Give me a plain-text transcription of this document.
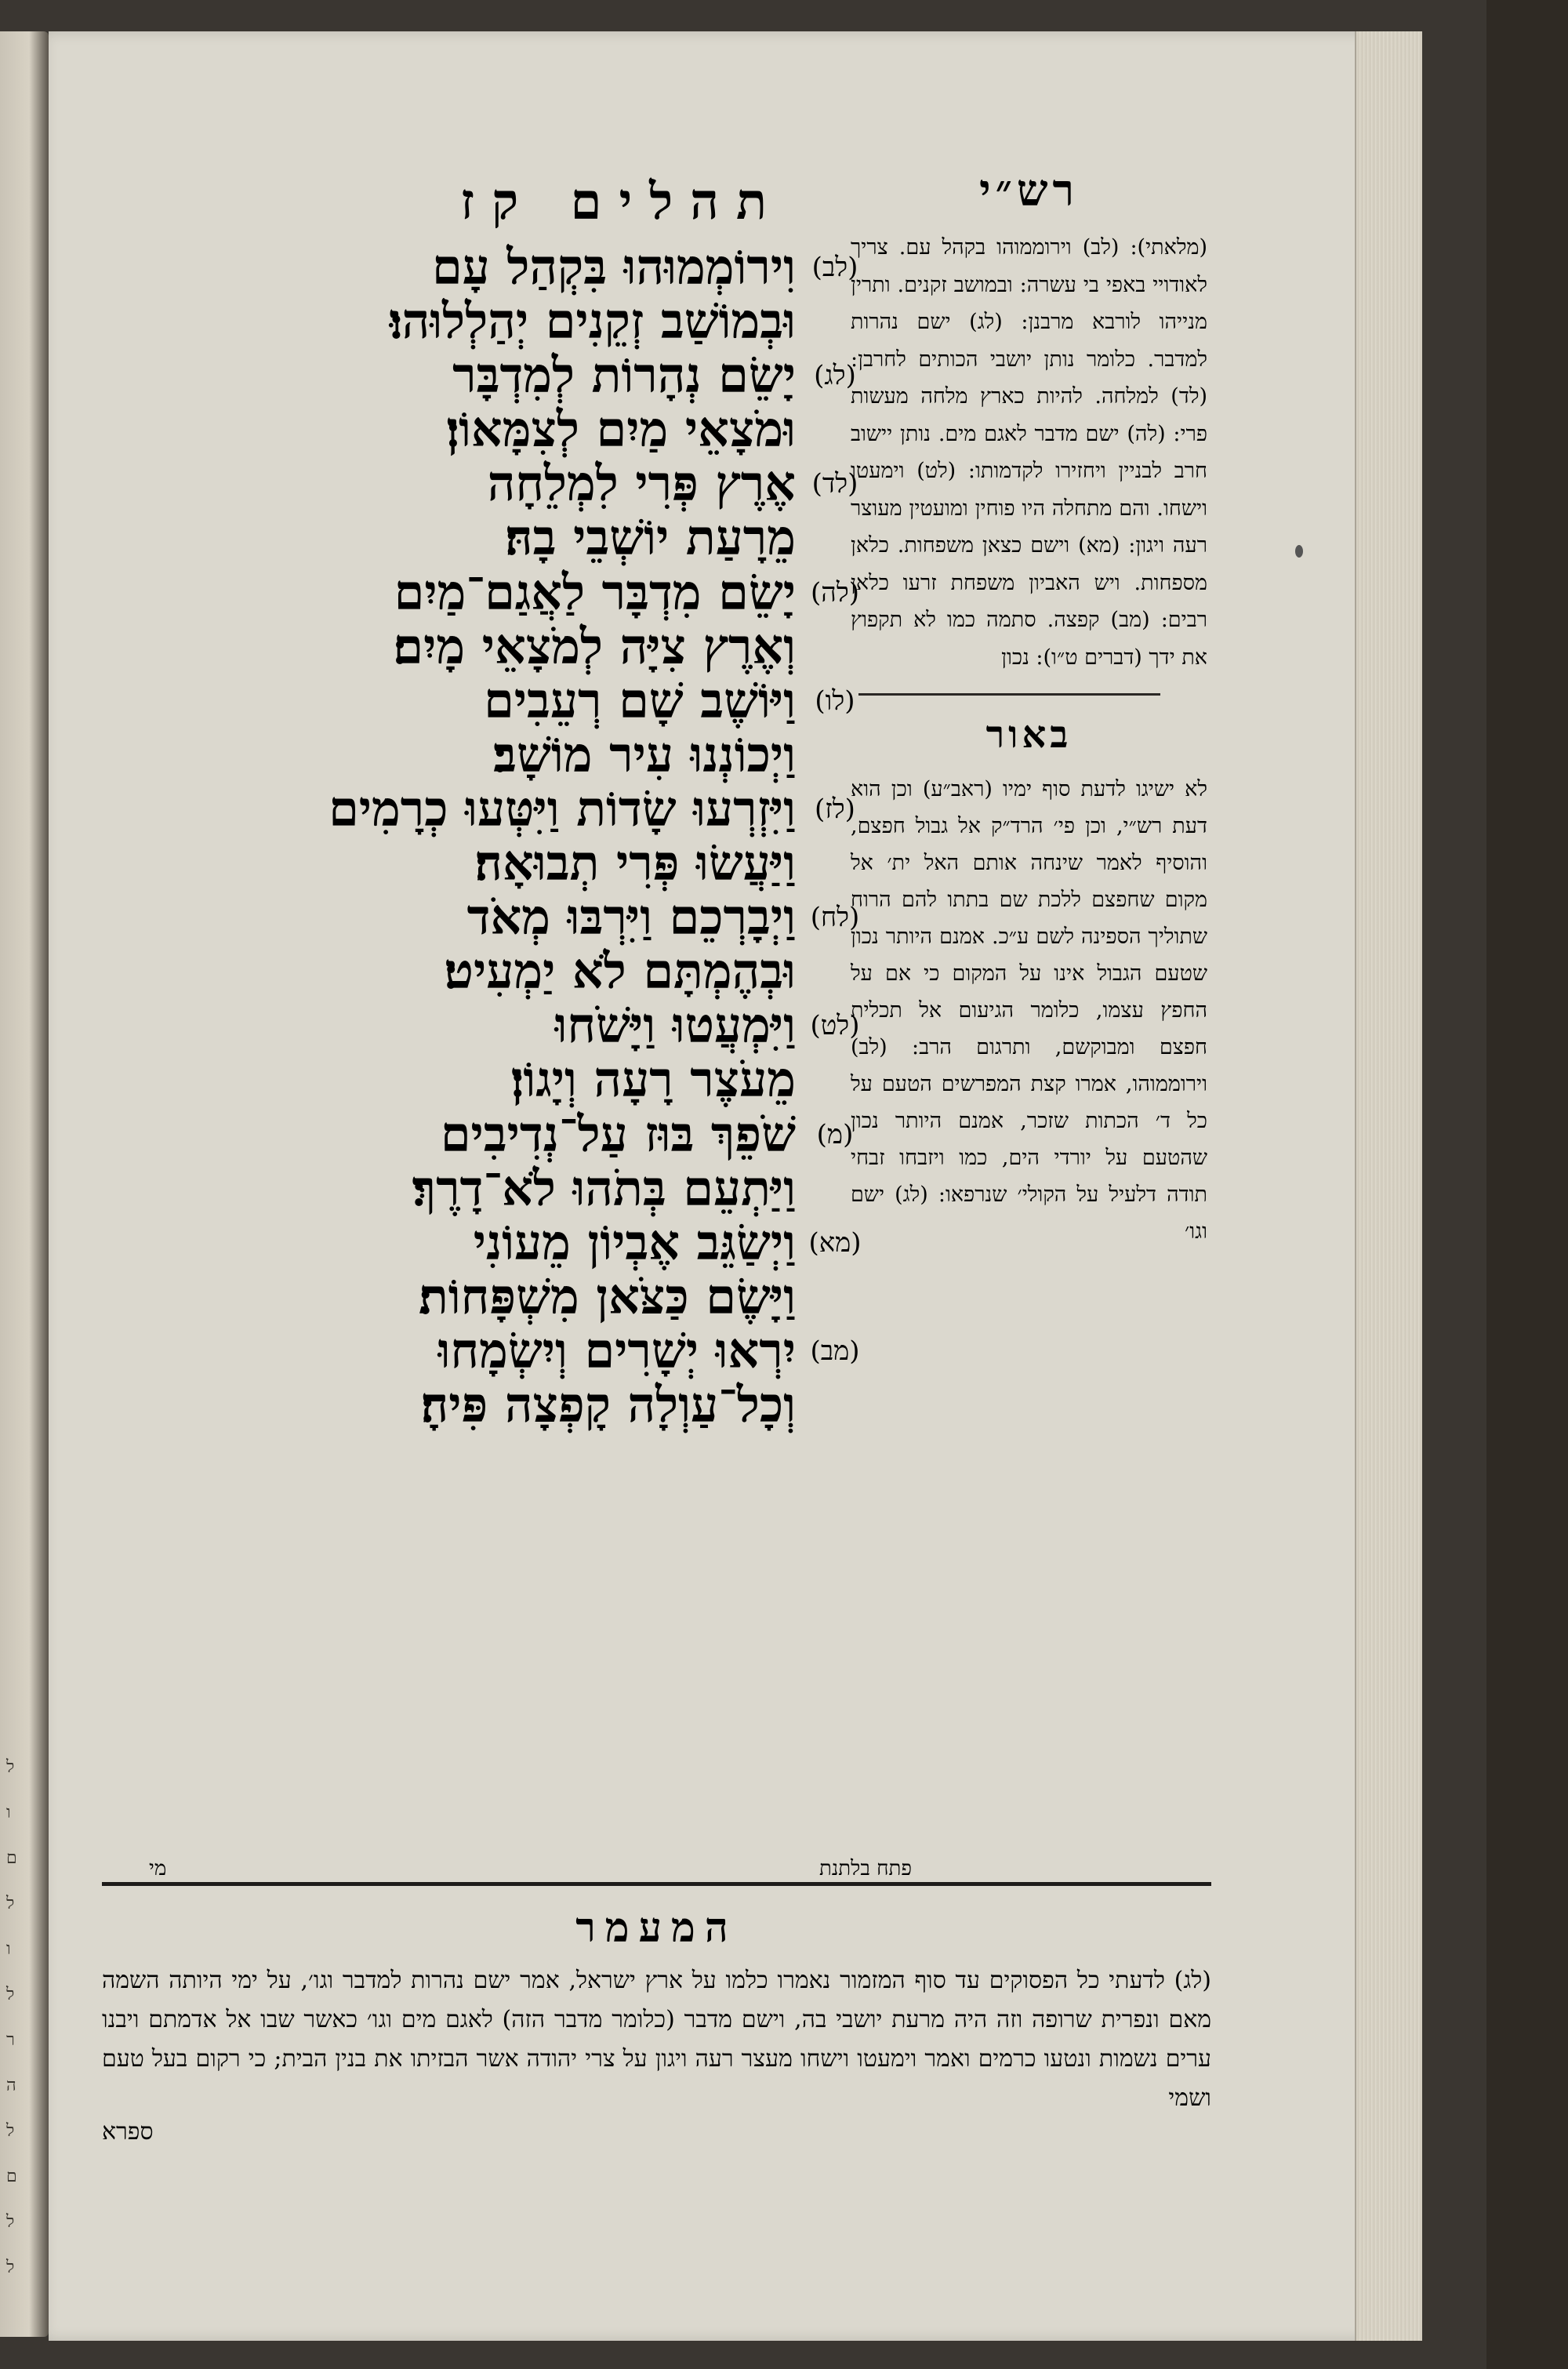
ל
ו
ם
ל
ו
ל
ר
ה
ל
ם
ל
ל
רש״י

(מלאתי): (לב) וירוממוהו בקהל עם. צריך לאודויי באפי בי עשרה: ובמושב זקנים. ותרין מנייהו לורבא מרבנן: (לג) ישם נהרות למדבר. כלומר נותן יושבי הכותים לחרבן: (לד) למלחה. להיות כארץ מלחה מעשות פרי: (לה) ישם מדבר לאגם מים. נותן יישוב חרב לבניין ויחזירו לקדמותו: (לט) וימעטו וישחו. והם מתחלה היו פוחין ומועטין מעוצר רעה ויגון: (מא) וישם כצאן משפחות. כלאן מספחות. ויש האביון משפחת זרעו כלאן רבים: (מב) קפצה. סתמה כמו לא תקפוץ את ידך (דברים ט״ו): נכון

באור

לא ישיגו לדעת סוף ימיו (ראב״ע) וכן הוא דעת רש״י, וכן פי׳ הרד״ק אל גבול חפצם, והוסיף לאמר שינחה אותם האל ית׳ אל מקום שחפצם ללכת שם בתתו להם הרוח שתוליך הספינה לשם ע״כ. אמנם היותר נכון שטעם הגבול אינו על המקום כי אם על החפץ עצמו, כלומר הגיעום אל תכלית חפצם ומבוקשם, ותרגום הרב: (לב) וירוממוהו, אמרו קצת המפרשים הטעם על כל ד׳ הכתות שזכר, אמנם היותר נכון שהטעם על יורדי הים, כמו ויזבחו זבחי תודה דלעיל על הקולי׳ שנרפאו: (לג) ישם וגו׳

תהלים קז
(לב)
וִירוֹמְמוּהוּ בִּקְהַל עָם
וּבְמוֹשַׁב זְקֵנִים יְהַלְלוּהוּ׃
(לג)
יָשֵׂם נְהָרוֹת לְמִדְבָּר
וּמֹצָאֵי מַיִם לְצִמָּאוֹן׃
(לד)
אֶרֶץ פְּרִי לִמְלֵחָה
מֵרָעַת יוֹשְׁבֵי בָהּ׃
(לה)
יָשֵׂם מִדְבָּר לַאֲגַם־מַיִם
וְאֶרֶץ צִיָּה לְמֹצָאֵי מָיִם׃
(לו)
וַיּוֹשֶׁב שָׁם רְעֵבִים
וַיְכוֹנְנוּ עִיר מוֹשָׁב׃
(לז)
וַיִּזְרְעוּ שָׂדוֹת וַיִּטְּעוּ כְרָמִים
וַיַּעֲשׂוּ פְּרִי תְבוּאָה׃
(לח)
וַיְבָרְכֵם וַיִּרְבּוּ מְאֹד
וּבְהֶמְתָּם לֹא יַמְעִיט׃
(לט)
וַיִּמְעֲטוּ וַיָּשֹׁחוּ
מֵעֹצֶר רָעָה וְיָגוֹן׃
(מ)
שֹׁפֵךְ בּוּז עַל־נְדִיבִים
וַיַּתְעֵם בְּתֹהוּ לֹא־דָרֶךְ׃
(מא)
וַיְשַׂגֵּב אֶבְיוֹן מֵעוֹנִי
וַיָּשֶׂם כַּצֹּאן מִשְׁפָּחוֹת׃
(מב)
יִרְאוּ יְשָׁרִים וְיִשְׂמָחוּ
וְכָל־עַוְלָה קָפְצָה פִּיהָ׃
מי	פתח בלתנת
המעמר

(לג) לדעתי כל הפסוקים עד סוף המזמור נאמרו כלמו על ארץ ישראל, אמר ישם נהרות למדבר וגו׳, על ימי היותה השמה מאם ונפרית שרופה וזה היה מרעת יושבי בה, וישם מדבר (כלומר מדבר הזה) לאגם מים וגו׳ כאשר שבו אל אדמתם ויבנו ערים נשמות ונטעו כרמים ואמר וימעטו וישחו מעצר רעה ויגון על צרי יהודה אשר הבזיתו את בנין הבית; כי רקום בעל טעם ושמי

ספרא
